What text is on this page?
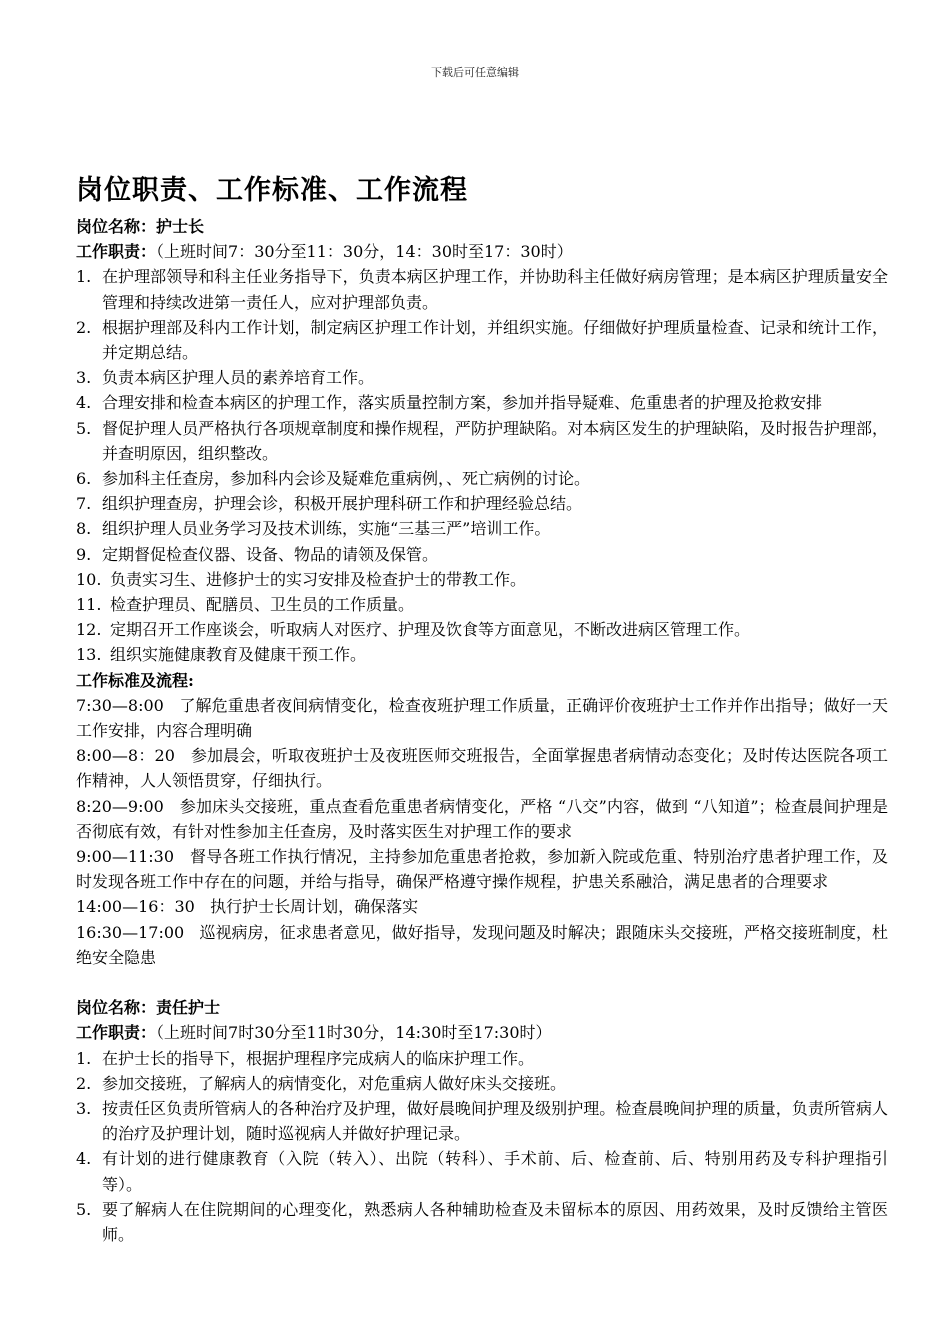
下载后可任意编辑
岗位职责、工作标准、工作流程
岗位名称：护士长
工作职责：（上班时间7：30分至11：30分，14：30时至17：30时）
1. 在护理部领导和科主任业务指导下，负责本病区护理工作，并协助科主任做好病房管理；是本病区护理质量安全管理和持续改进第一责任人，应对护理部负责。
2. 根据护理部及科内工作计划，制定病区护理工作计划，并组织实施。仔细做好护理质量检查、记录和统计工作，并定期总结。
3. 负责本病区护理人员的素养培育工作。
4. 合理安排和检查本病区的护理工作，落实质量控制方案，参加并指导疑难、危重患者的护理及抢救安排
5. 督促护理人员严格执行各项规章制度和操作规程，严防护理缺陷。对本病区发生的护理缺陷，及时报告护理部，并查明原因，组织整改。
6. 参加科主任查房，参加科内会诊及疑难危重病例，、死亡病例的讨论。
7. 组织护理查房，护理会诊，积极开展护理科研工作和护理经验总结。
8. 组织护理人员业务学习及技术训练，实施“三基三严”培训工作。
9. 定期督促检查仪器、设备、物品的请领及保管。
10. 负责实习生、进修护士的实习安排及检查护士的带教工作。
11. 检查护理员、配膳员、卫生员的工作质量。
12. 定期召开工作座谈会，听取病人对医疗、护理及饮食等方面意见，不断改进病区管理工作。
13. 组织实施健康教育及健康干预工作。
工作标准及流程:
7:30—8:00 了解危重患者夜间病情变化，检查夜班护理工作质量，正确评价夜班护士工作并作出指导；做好一天工作安排，内容合理明确
8:00—8：20 参加晨会，听取夜班护士及夜班医师交班报告，全面掌握患者病情动态变化；及时传达医院各项工作精神，人人领悟贯穿，仔细执行。
8:20—9:00 参加床头交接班，重点查看危重患者病情变化，严格 “八交”内容，做到 “八知道”；检查晨间护理是否彻底有效，有针对性参加主任查房，及时落实医生对护理工作的要求
9:00—11:30 督导各班工作执行情况，主持参加危重患者抢救，参加新入院或危重、特别治疗患者护理工作，及时发现各班工作中存在的问题，并给与指导，确保严格遵守操作规程，护患关系融洽，满足患者的合理要求
14:00—16：30 执行护士长周计划，确保落实
16:30—17:00 巡视病房，征求患者意见，做好指导，发现问题及时解决；跟随床头交接班，严格交接班制度，杜绝安全隐患
岗位名称：责任护士
工作职责：（上班时间7时30分至11时30分，14:30时至17:30时）
1. 在护士长的指导下，根据护理程序完成病人的临床护理工作。
2. 参加交接班，了解病人的病情变化，对危重病人做好床头交接班。
3. 按责任区负责所管病人的各种治疗及护理，做好晨晚间护理及级别护理。检查晨晚间护理的质量，负责所管病人的治疗及护理计划，随时巡视病人并做好护理记录。
4. 有计划的进行健康教育（入院（转入）、出院（转科）、手术前、后、检查前、后、特别用药及专科护理指引等）。
5. 要了解病人在住院期间的心理变化，熟悉病人各种辅助检查及未留标本的原因、用药效果，及时反馈给主管医师。
